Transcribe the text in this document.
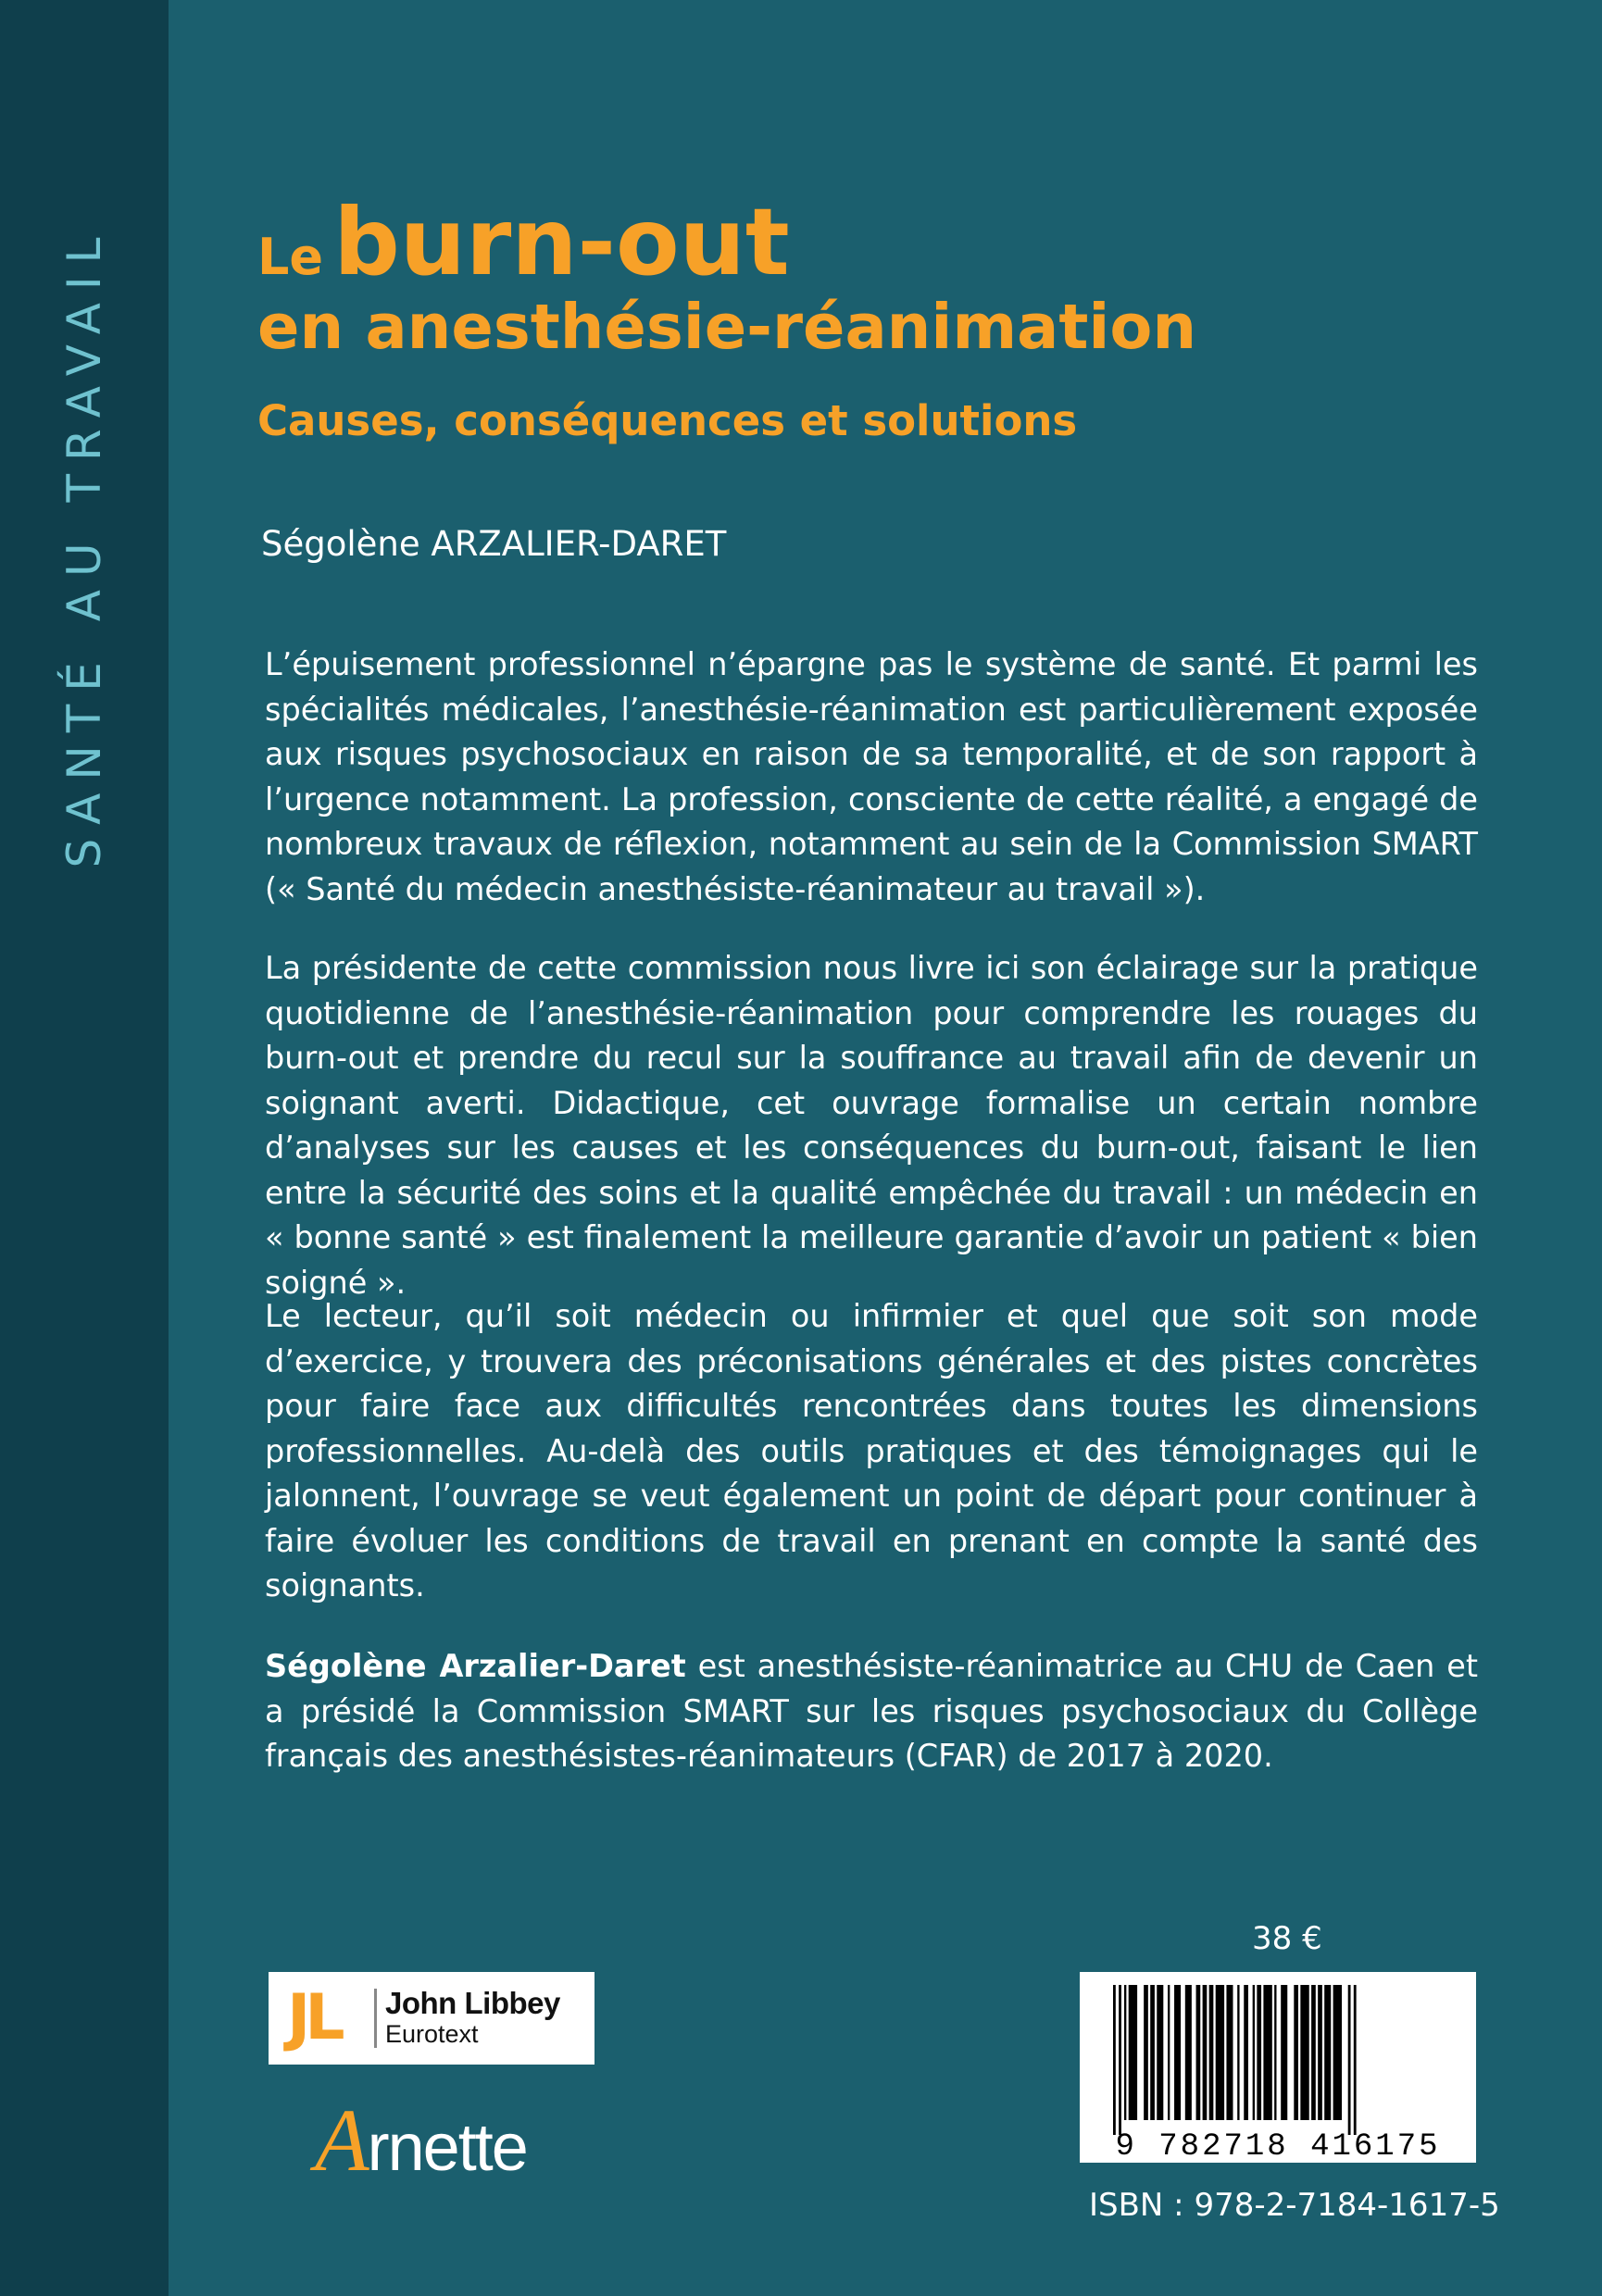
SANTÉ AU TRAVAIL	Le burn-out
en anesthésie-réanimation
Causes, conséquences et solutions
Ségolène ARZALIER-DARET

L’épuisement professionnel n’épargne pas le système de santé. Et parmi les spécialités médicales, l’anesthésie-réanimation est particulièrement exposée aux risques psychosociaux en raison de sa temporalité, et de son rapport à l’urgence notamment. La profession, consciente de cette réalité, a engagé de nombreux travaux de réflexion, notamment au sein de la Commission SMART (« Santé du médecin anesthésiste-réanimateur au travail »).

La présidente de cette commission nous livre ici son éclairage sur la pratique quotidienne de l’anesthésie-réanimation pour comprendre les rouages du burn-out et prendre du recul sur la souffrance au travail afin de devenir un soignant averti. Didactique, cet ouvrage formalise un certain nombre d’analyses sur les causes et les conséquences du burn-out, faisant le lien entre la sécurité des soins et la qualité empêchée du travail : un médecin en « bonne santé » est finalement la meilleure garantie d’avoir un patient « bien soigné ».

Le lecteur, qu’il soit médecin ou infirmier et quel que soit son mode d’exercice, y trouvera des préconisations générales et des pistes concrètes pour faire face aux difficultés rencontrées dans toutes les dimensions professionnelles. Au-delà des outils pratiques et des témoignages qui le jalonnent, l’ouvrage se veut également un point de départ pour continuer à faire évoluer les conditions de travail en prenant en compte la santé des soignants.

Ségolène Arzalier-Daret est anesthésiste-réanimatrice au CHU de Caen et a présidé la Commission SMART sur les risques psychosociaux du Collège français des anesthésistes-réanimateurs (CFAR) de 2017 à 2020.

JL John Libbey
Eurotext
Arnette
38 €
9 782718 416175
ISBN : 978-2-7184-1617-5
